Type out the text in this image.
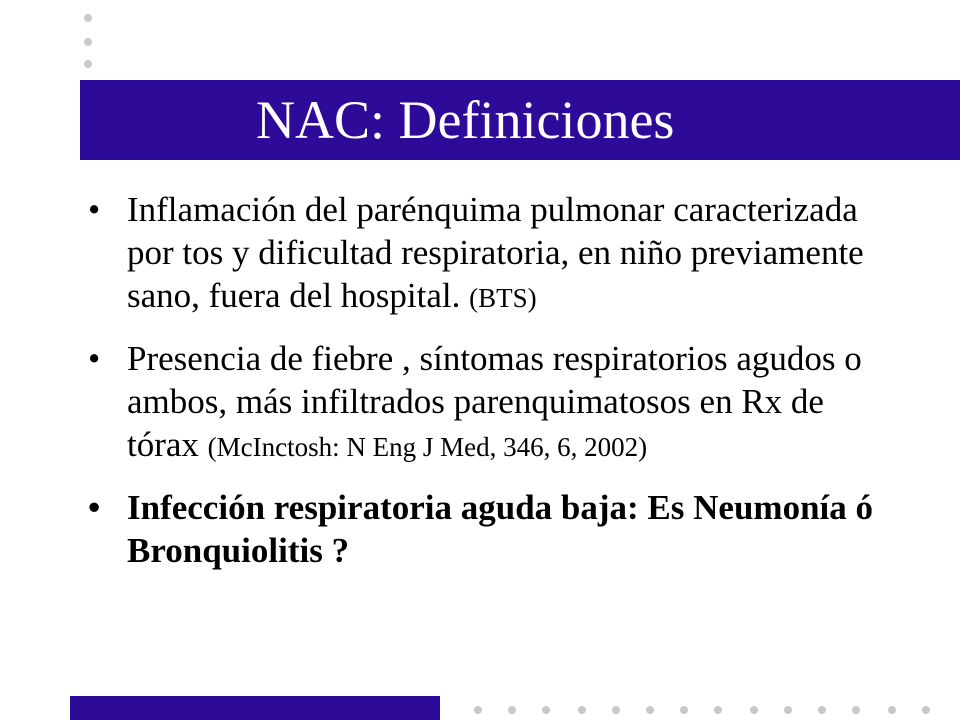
NAC: Definiciones
• Inflamación del parénquima pulmonar caracterizada por tos y dificultad respiratoria, en niño previamente sano, fuera del hospital. (BTS)
• Presencia de fiebre , síntomas respiratorios agudos o ambos, más infiltrados parenquimatosos en Rx de tórax (McInctosh: N Eng J Med, 346, 6, 2002)
• Infección respiratoria aguda baja: Es Neumonía ó Bronquiolitis ?
